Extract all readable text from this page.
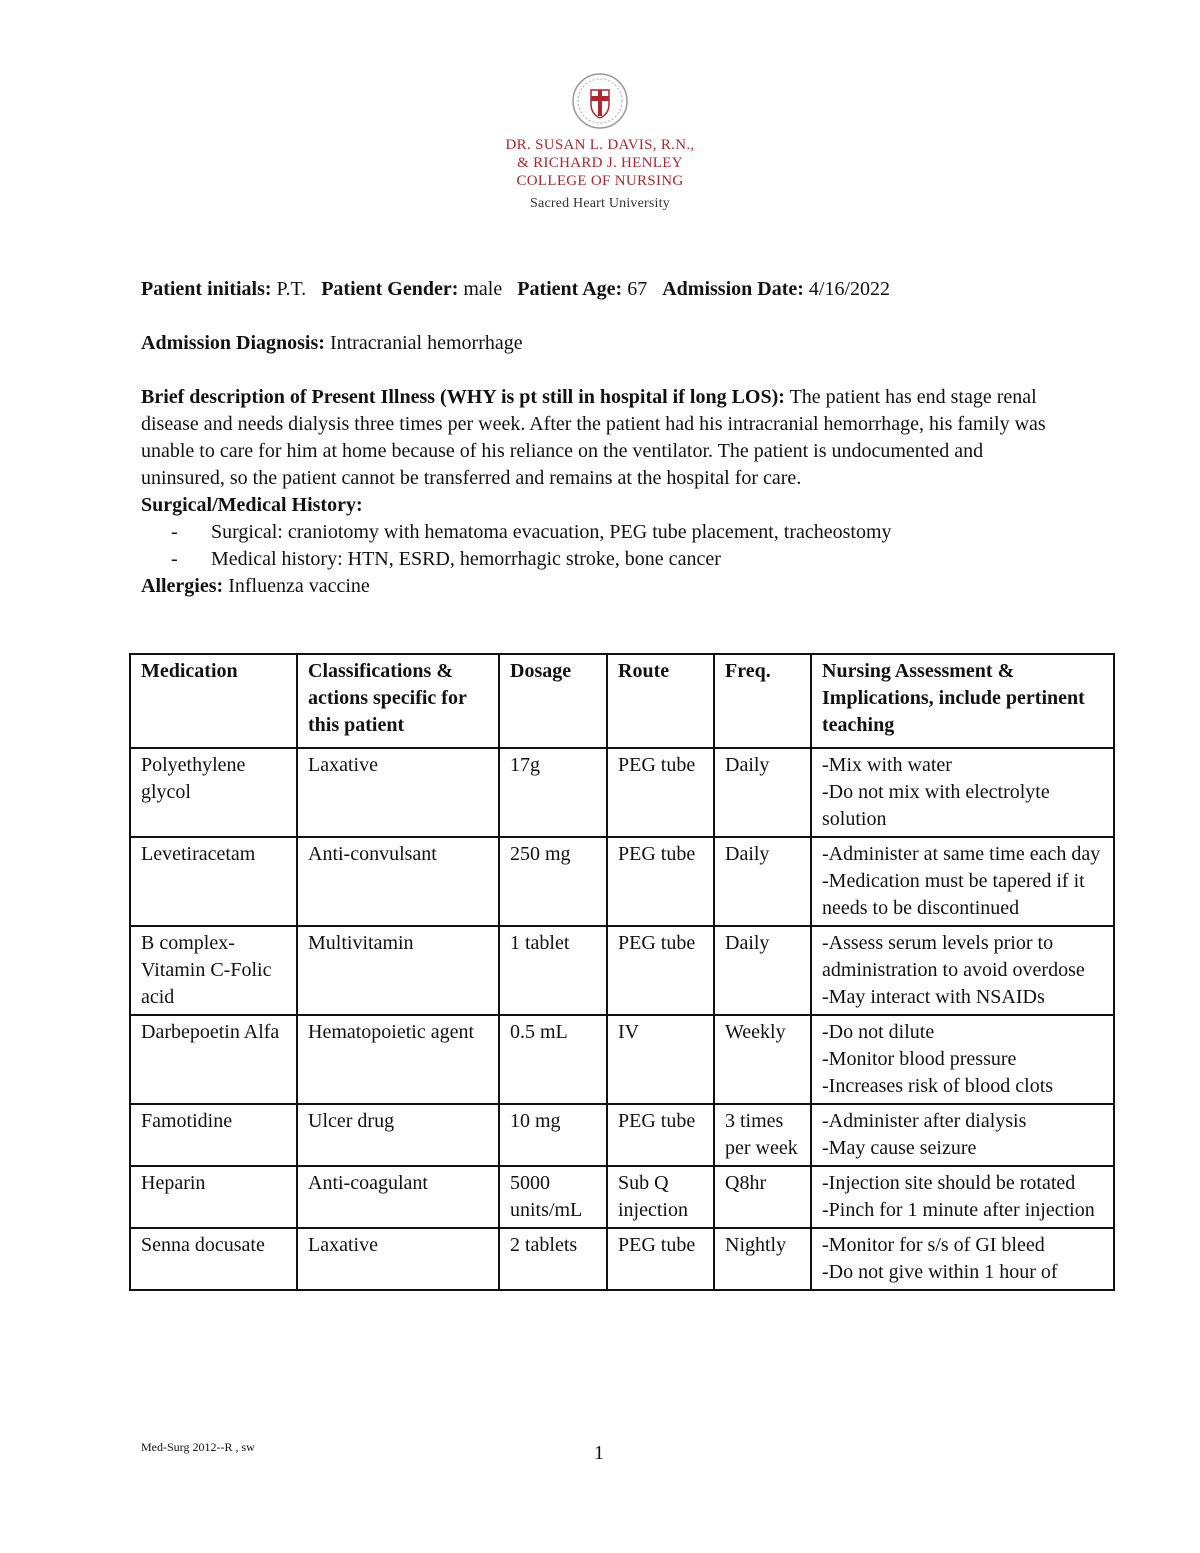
DR. SUSAN L. DAVIS, R.N.,
& RICHARD J. HENLEY
COLLEGE OF NURSING
Sacred Heart University

Patient initials: P.T. Patient Gender: male Patient Age: 67 Admission Date: 4/16/2022

Admission Diagnosis: Intracranial hemorrhage

Brief description of Present Illness (WHY is pt still in hospital if long LOS): The patient has end stage renal disease and needs dialysis three times per week. After the patient had his intracranial hemorrhage, his family was unable to care for him at home because of his reliance on the ventilator. The patient is undocumented and uninsured, so the patient cannot be transferred and remains at the hospital for care.

Surgical/Medical History:

- Surgical: craniotomy with hematoma evacuation, PEG tube placement, tracheostomy
- Medical history: HTN, ESRD, hemorrhagic stroke, bone cancer

Allergies: Influenza vaccine

Medication	Classifications & actions specific for this patient	Dosage	Route	Freq.	Nursing Assessment & Implications, include pertinent teaching
Polyethylene glycol	Laxative	17g	PEG tube	Daily	-Mix with water
-Do not mix with electrolyte solution

Levetiracetam	Anti-convulsant	250 mg	PEG tube	Daily	-Administer at same time each day
-Medication must be tapered if it needs to be discontinued

B complex-Vitamin C-Folic acid	Multivitamin	1 tablet	PEG tube	Daily	-Assess serum levels prior to administration to avoid overdose
-May interact with NSAIDs

Darbepoetin Alfa	Hematopoietic agent	0.5 mL	IV	Weekly	-Do not dilute
-Monitor blood pressure
-Increases risk of blood clots

Famotidine	Ulcer drug	10 mg	PEG tube	3 times per week	-Administer after dialysis
-May cause seizure

Heparin	Anti-coagulant	5000 units/mL	Sub Q injection	Q8hr	-Injection site should be rotated
-Pinch for 1 minute after injection

Senna docusate	Laxative	2 tablets	PEG tube	Nightly	-Monitor for s/s of GI bleed
-Do not give within 1 hour of
Med-Surg 2012--R , sw	1
